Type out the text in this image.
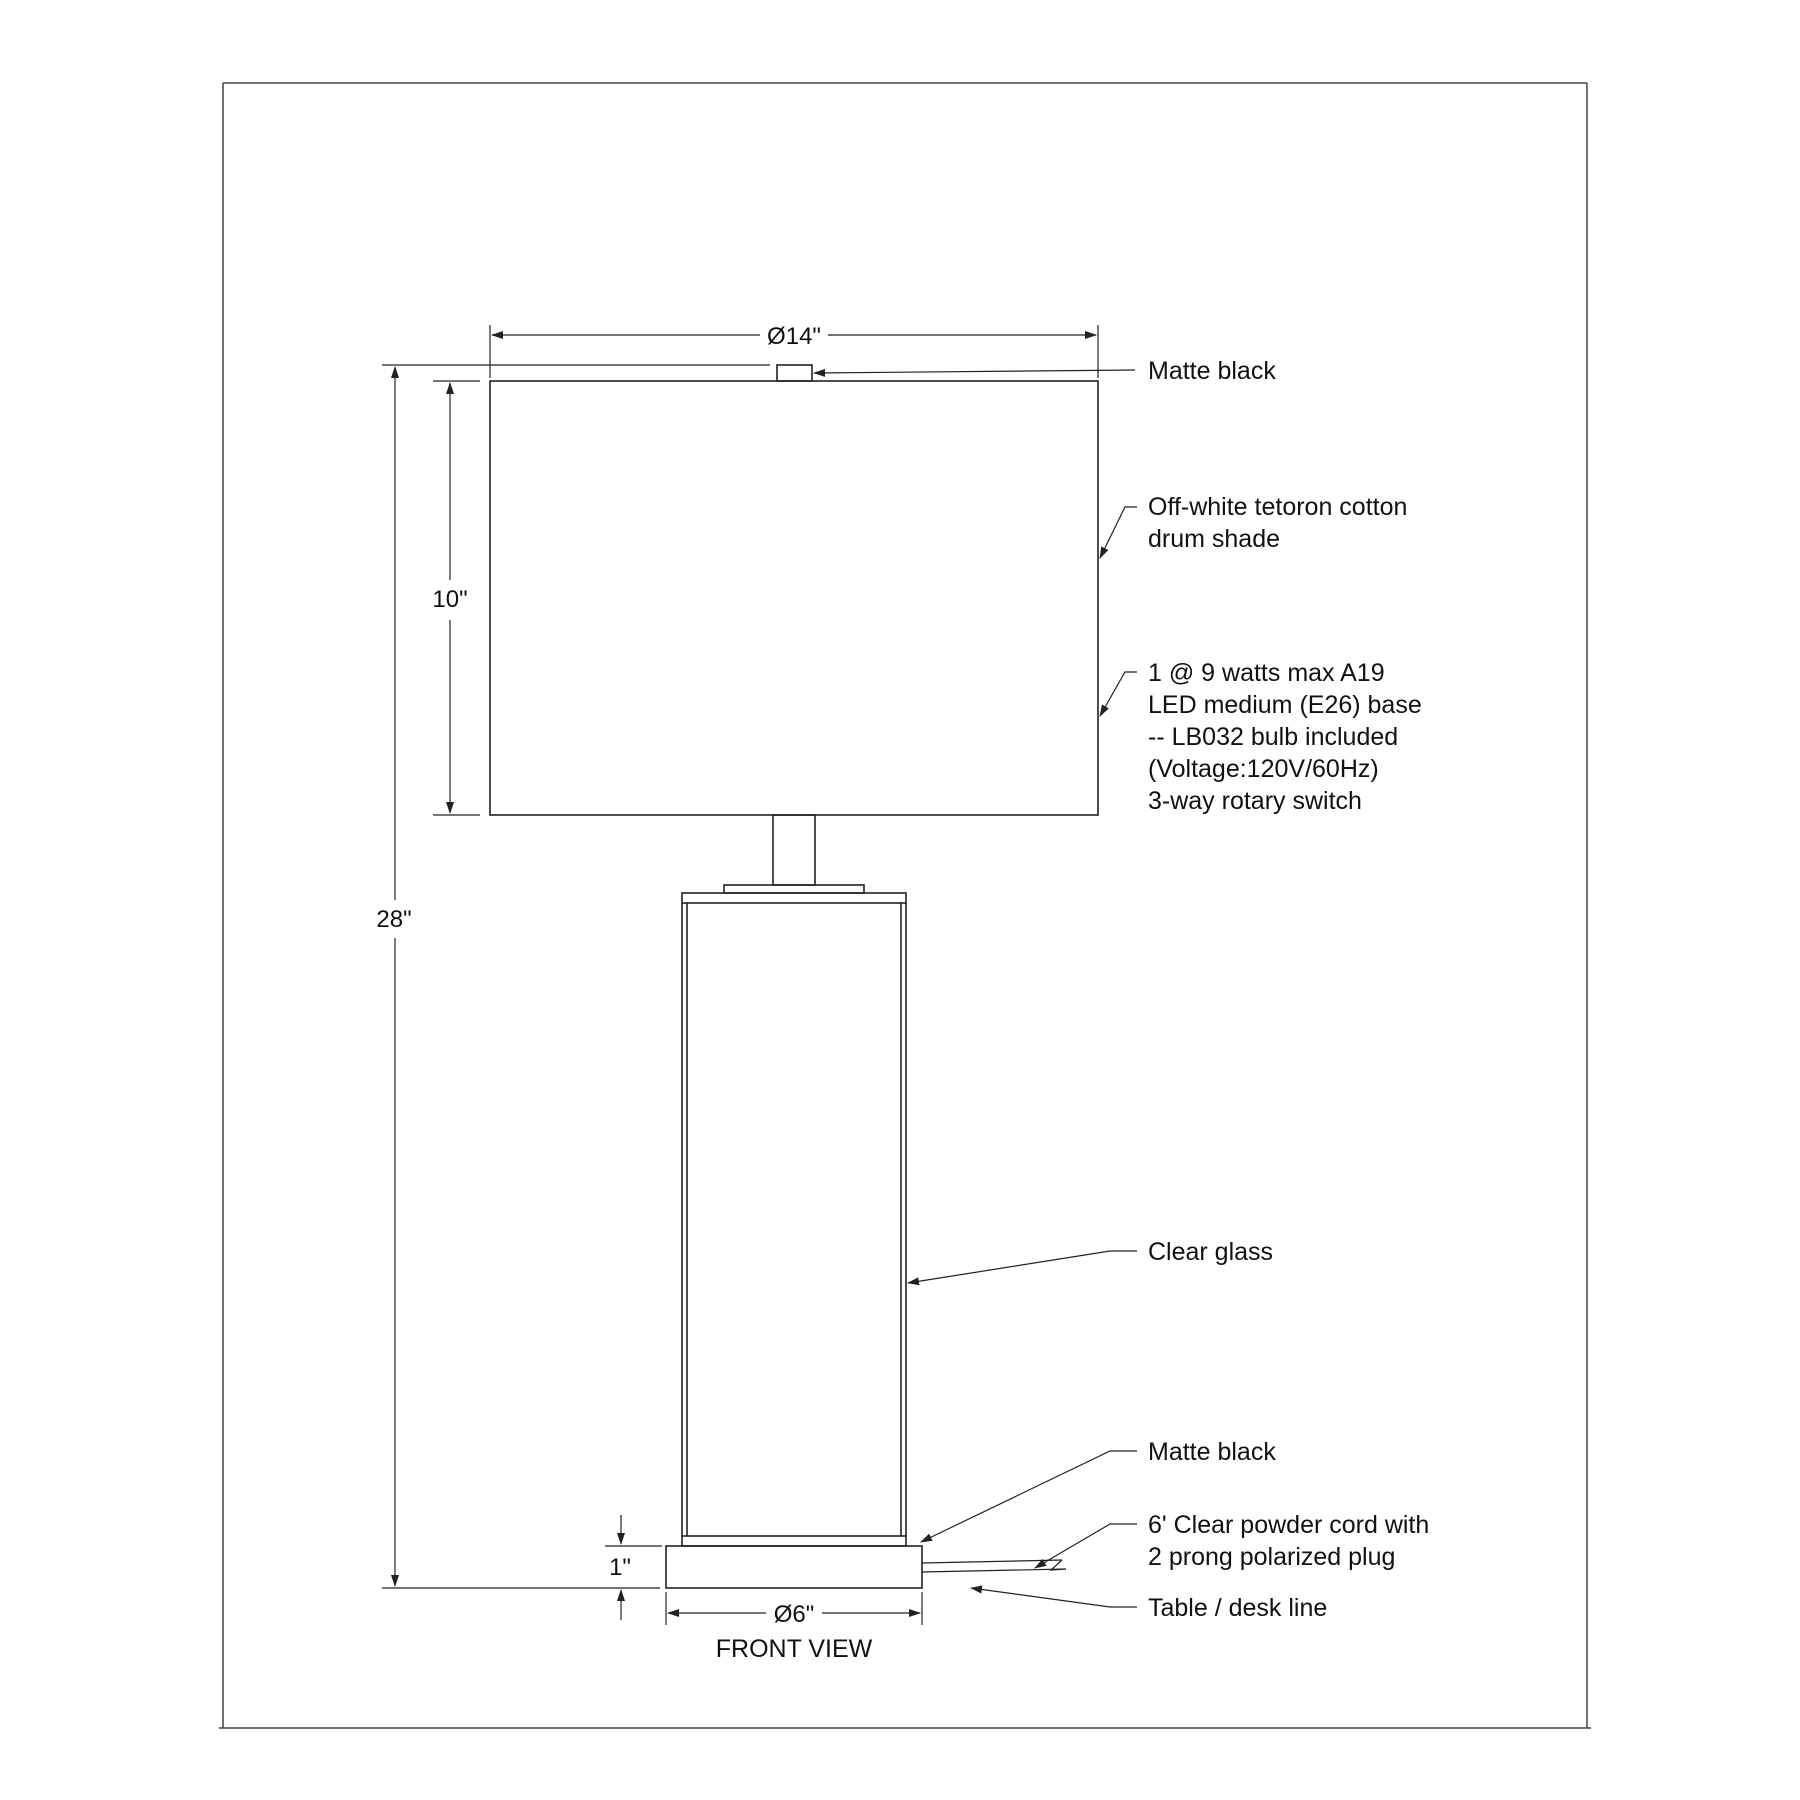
Ø14"
10"
28"
1"
Ø6"
FRONT VIEW
Matte black
Off-white tetoron cotton
drum shade
1 @ 9 watts max A19
LED medium (E26) base
-- LB032 bulb included
(Voltage:120V/60Hz)
3-way rotary switch
Clear glass
Matte black
6' Clear powder cord with
2 prong polarized plug
Table / desk line
